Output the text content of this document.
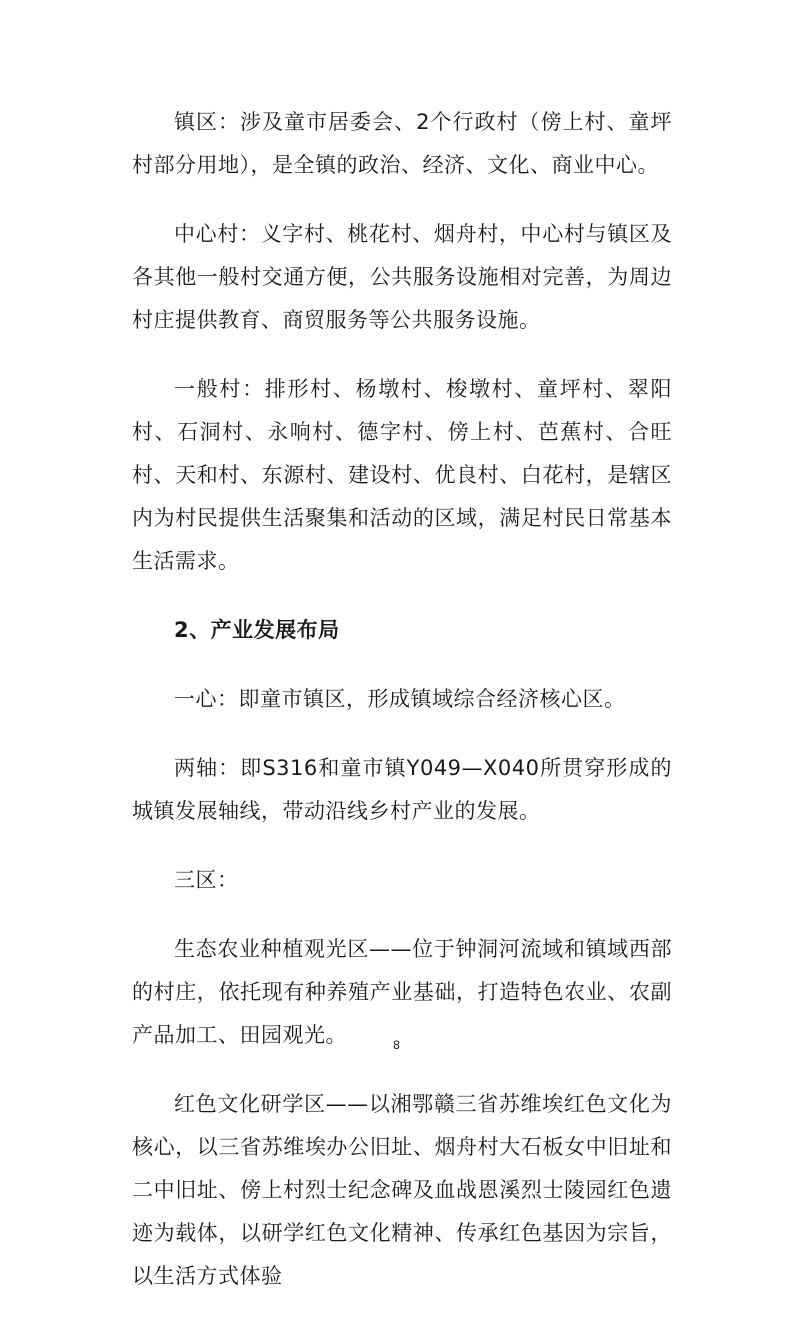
镇区：涉及童市居委会、2个行政村（傍上村、童坪村部分用地），是全镇的政治、经济、文化、商业中心。

中心村：义字村、桃花村、烟舟村，中心村与镇区及各其他一般村交通方便，公共服务设施相对完善，为周边村庄提供教育、商贸服务等公共服务设施。

一般村：排形村、杨墩村、梭墩村、童坪村、翠阳村、石洞村、永响村、德字村、傍上村、芭蕉村、合旺村、天和村、东源村、建设村、优良村、白花村，是辖区内为村民提供生活聚集和活动的区域，满足村民日常基本生活需求。

2、产业发展布局

一心：即童市镇区，形成镇域综合经济核心区。

两轴：即S316和童市镇Y049—X040所贯穿形成的城镇发展轴线，带动沿线乡村产业的发展。

三区：

生态农业种植观光区——位于钟洞河流域和镇域西部的村庄，依托现有种养殖产业基础，打造特色农业、农副产品加工、田园观光。

红色文化研学区——以湘鄂赣三省苏维埃红色文化为核心，以三省苏维埃办公旧址、烟舟村大石板女中旧址和二中旧址、傍上村烈士纪念碑及血战恩溪烈士陵园红色遗迹为载体，以研学红色文化精神、传承红色基因为宗旨，以生活方式体验

8
